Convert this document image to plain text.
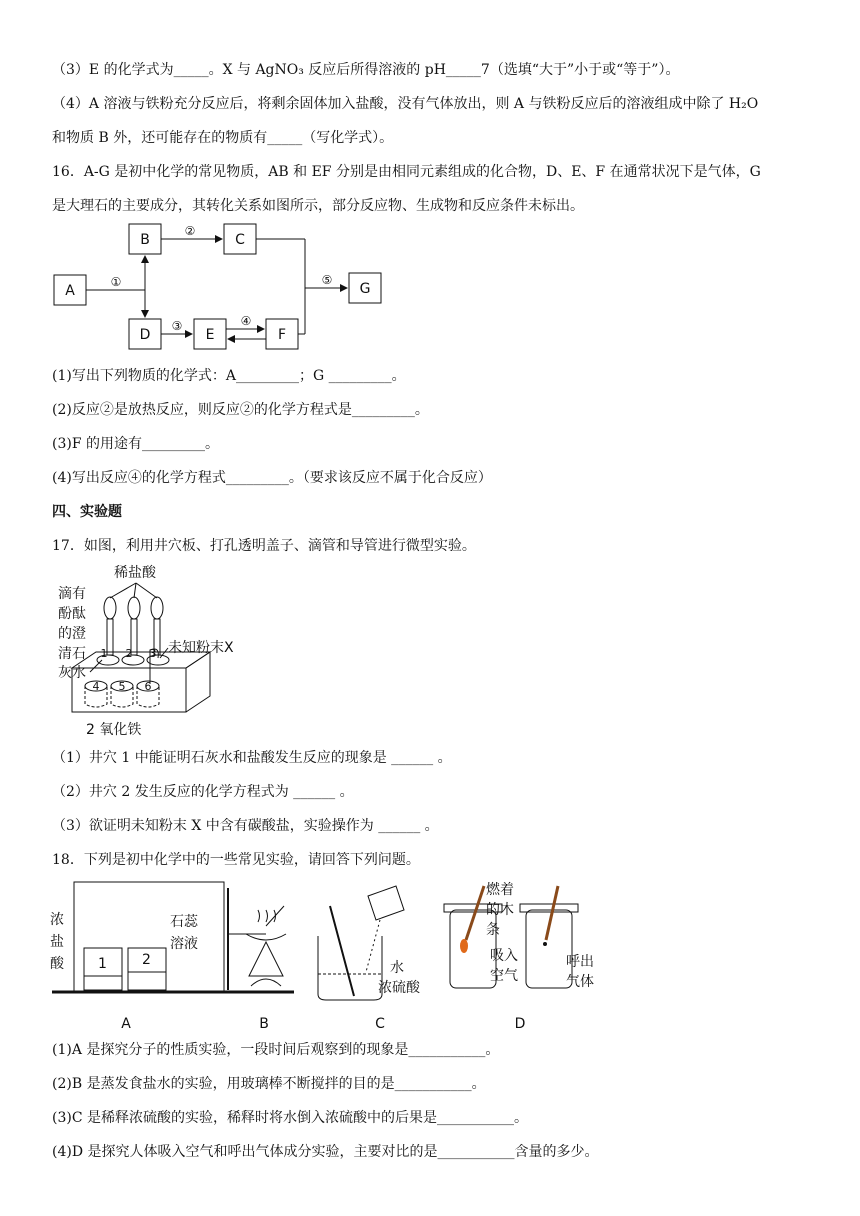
（3）E 的化学式为_____。X 与 AgNO₃ 反应后所得溶液的 pH_____7（选填“大于”小于或“等于”）。
（4）A 溶液与铁粉充分反应后，将剩余固体加入盐酸，没有气体放出，则 A 与铁粉反应后的溶液组成中除了 H₂O
和物质 B 外，还可能存在的物质有_____（写化学式）。
16．A-G 是初中化学的常见物质，AB 和 EF 分别是由相同元素组成的化合物，D、E、F 在通常状况下是气体，G
是大理石的主要成分，其转化关系如图所示，部分反应物、生成物和反应条件未标出。
A
B	C
D	E	F
G
①
②
③	④
⑤
(1)写出下列物质的化学式：A_________；G _________。
(2)反应②是放热反应，则反应②的化学方程式是_________。
(3)F 的用途有_________。
(4)写出反应④的化学方程式_________。（要求该反应不属于化合反应）
四、实验题
17．如图，利用井穴板、打孔透明盖子、滴管和导管进行微型实验。
稀盐酸
滴有
酚酞
的澄
清石
灰水
未知粉末X
2 氧化铁
1 2 3
4 5 6
（1）井穴 1 中能证明石灰水和盐酸发生反应的现象是 ______ 。
（2）井穴 2 发生反应的化学方程式为 ______ 。
（3）欲证明未知粉末 X 中含有碳酸盐，实验操作为 ______ 。
18．下列是初中化学中的一些常见实验，请回答下列问题。
浓
盐
酸
石蕊
溶液
1	2	水
浓硫酸
燃着
的木
条
吸入
空气
呼出
气体
A	B	C	D
(1)A 是探究分子的性质实验，一段时间后观察到的现象是___________。
(2)B 是蒸发食盐水的实验，用玻璃棒不断搅拌的目的是___________。
(3)C 是稀释浓硫酸的实验，稀释时将水倒入浓硫酸中的后果是___________。
(4)D 是探究人体吸入空气和呼出气体成分实验，主要对比的是___________含量的多少。
